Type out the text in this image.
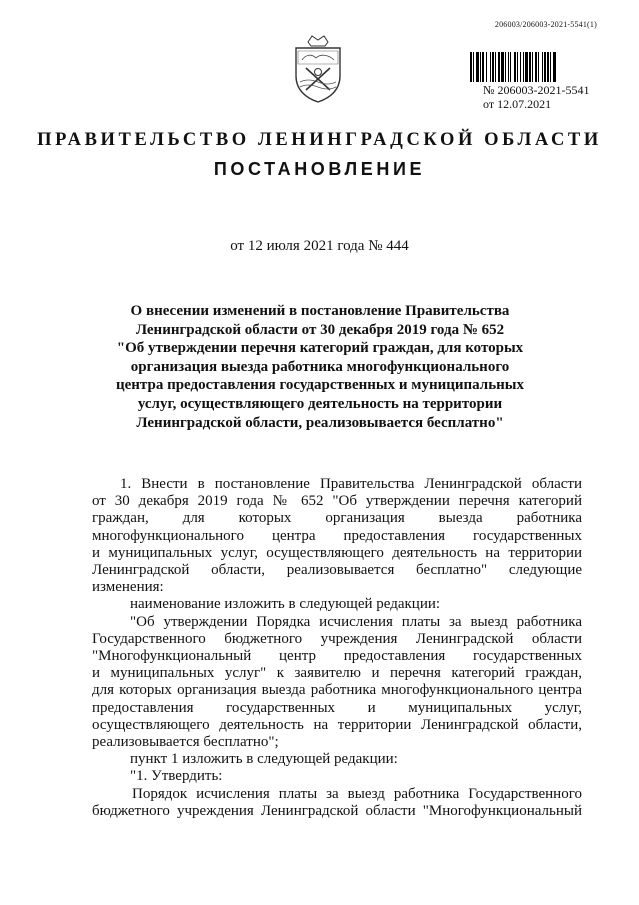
206003/206003-2021-5541(1)
№ 206003-2021-5541
от 12.07.2021
ПРАВИТЕЛЬСТВО ЛЕНИНГРАДСКОЙ ОБЛАСТИ
ПОСТАНОВЛЕНИЕ
от 12 июля 2021 года № 444
О внесении изменений в постановление Правительства
Ленинградской области от 30 декабря 2019 года № 652
"Об утверждении перечня категорий граждан, для которых
организация выезда работника многофункционального
центра предоставления государственных и муниципальных
услуг, осуществляющего деятельность на территории
Ленинградской области, реализовывается бесплатно"
1. Внести в постановление Правительства Ленинградской области
от 30 декабря 2019 года № 652 "Об утверждении перечня категорий
граждан, для которых организация выезда работника
многофункционального центра предоставления государственных
и муниципальных услуг, осуществляющего деятельность на территории
Ленинградской области, реализовывается бесплатно" следующие
изменения:
наименование изложить в следующей редакции:
"Об утверждении Порядка исчисления платы за выезд работника
Государственного бюджетного учреждения Ленинградской области
"Многофункциональный центр предоставления государственных
и муниципальных услуг" к заявителю и перечня категорий граждан,
для которых организация выезда работника многофункционального центра
предоставления государственных и муниципальных услуг,
осуществляющего деятельность на территории Ленинградской области,
реализовывается бесплатно";
пункт 1 изложить в следующей редакции:
"1. Утвердить:
Порядок исчисления платы за выезд работника Государственного
бюджетного учреждения Ленинградской области "Многофункциональный
